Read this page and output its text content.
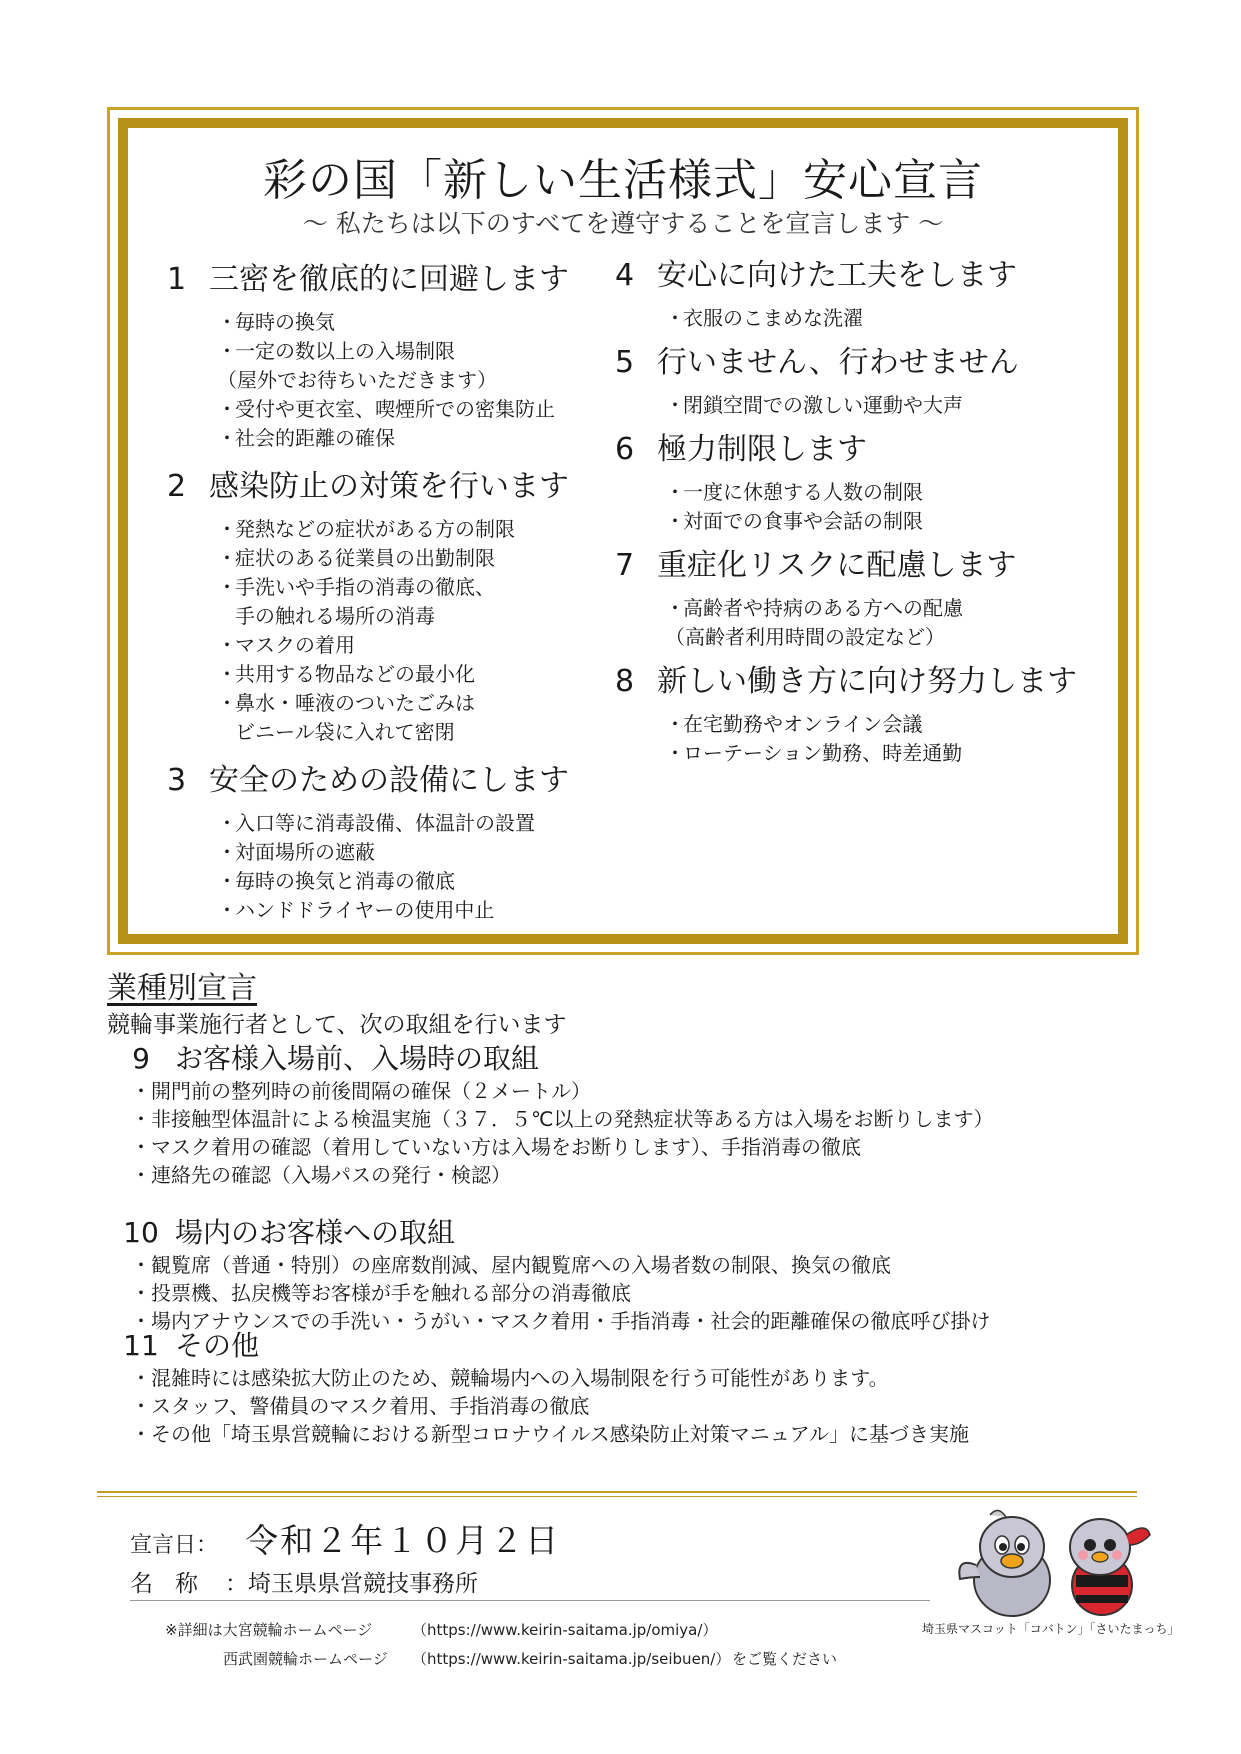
彩の国「新しい生活様式」安心宣言
～ 私たちは以下のすべてを遵守することを宣言します ～
1 三密を徹底的に回避します
・毎時の換気
・一定の数以上の入場制限
（屋外でお待ちいただきます）
・受付や更衣室、喫煙所での密集防止
・社会的距離の確保
2 感染防止の対策を行います
・発熱などの症状がある方の制限
・症状のある従業員の出勤制限
・手洗いや手指の消毒の徹底、
手の触れる場所の消毒
・マスクの着用
・共用する物品などの最小化
・鼻水・唾液のついたごみは
ビニール袋に入れて密閉
3 安全のための設備にします
・入口等に消毒設備、体温計の設置
・対面場所の遮蔽
・毎時の換気と消毒の徹底
・ハンドドライヤーの使用中止
4 安心に向けた工夫をします
・衣服のこまめな洗濯
5 行いません、行わせません
・閉鎖空間での激しい運動や大声
6 極力制限します
・一度に休憩する人数の制限
・対面での食事や会話の制限
7 重症化リスクに配慮します
・高齢者や持病のある方への配慮
（高齢者利用時間の設定など）
8 新しい働き方に向け努力します
・在宅勤務やオンライン会議
・ローテーション勤務、時差通勤
業種別宣言
競輪事業施行者として、次の取組を行います
9 お客様入場前、入場時の取組
・開門前の整列時の前後間隔の確保（２メートル）
・非接触型体温計による検温実施（３７．５℃以上の発熱症状等ある方は入場をお断りします）
・マスク着用の確認（着用していない方は入場をお断りします）、手指消毒の徹底
・連絡先の確認（入場パスの発行・検認）
10 場内のお客様への取組
・観覧席（普通・特別）の座席数削減、屋内観覧席への入場者数の制限、換気の徹底
・投票機、払戻機等お客様が手を触れる部分の消毒徹底
・場内アナウンスでの手洗い・うがい・マスク着用・手指消毒・社会的距離確保の徹底呼び掛け
11 その他
・混雑時には感染拡大防止のため、競輪場内への入場制限を行う可能性があります。
・スタッフ、警備員のマスク着用、手指消毒の徹底
・その他「埼玉県営競輪における新型コロナウイルス感染防止対策マニュアル」に基づき実施
宣言日： 令和２年１０月２日
名称 ：埼玉県県営競技事務所
※詳細は大宮競輪ホームページ	（https://www.keirin-saitama.jp/omiya/）
西武園競輪ホームページ （https://www.keirin-saitama.jp/seibuen/） をご覧ください
埼玉県マスコット「コバトン」「さいたまっち」
